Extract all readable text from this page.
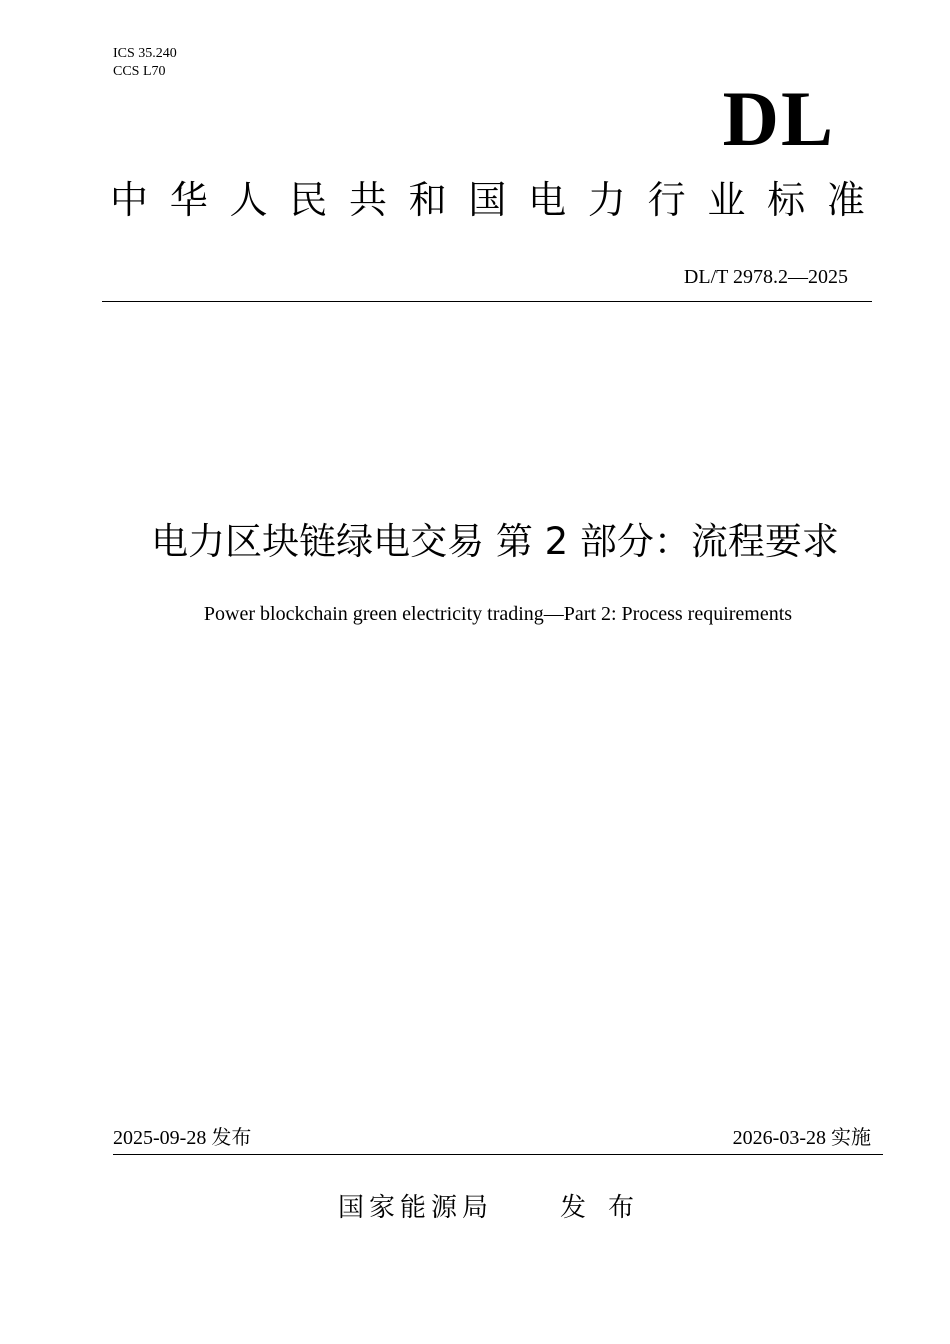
ICS 35.240
CCS L70
DL
中 华 人 民 共 和 国 电 力 行 业 标 准
DL/T 2978.2—2025
电力区块链绿电交易 第 2 部分：流程要求
Power blockchain green electricity trading—Part 2: Process requirements
2025-09-28 发布	2026-03-28 实施
国家能源局	发布
